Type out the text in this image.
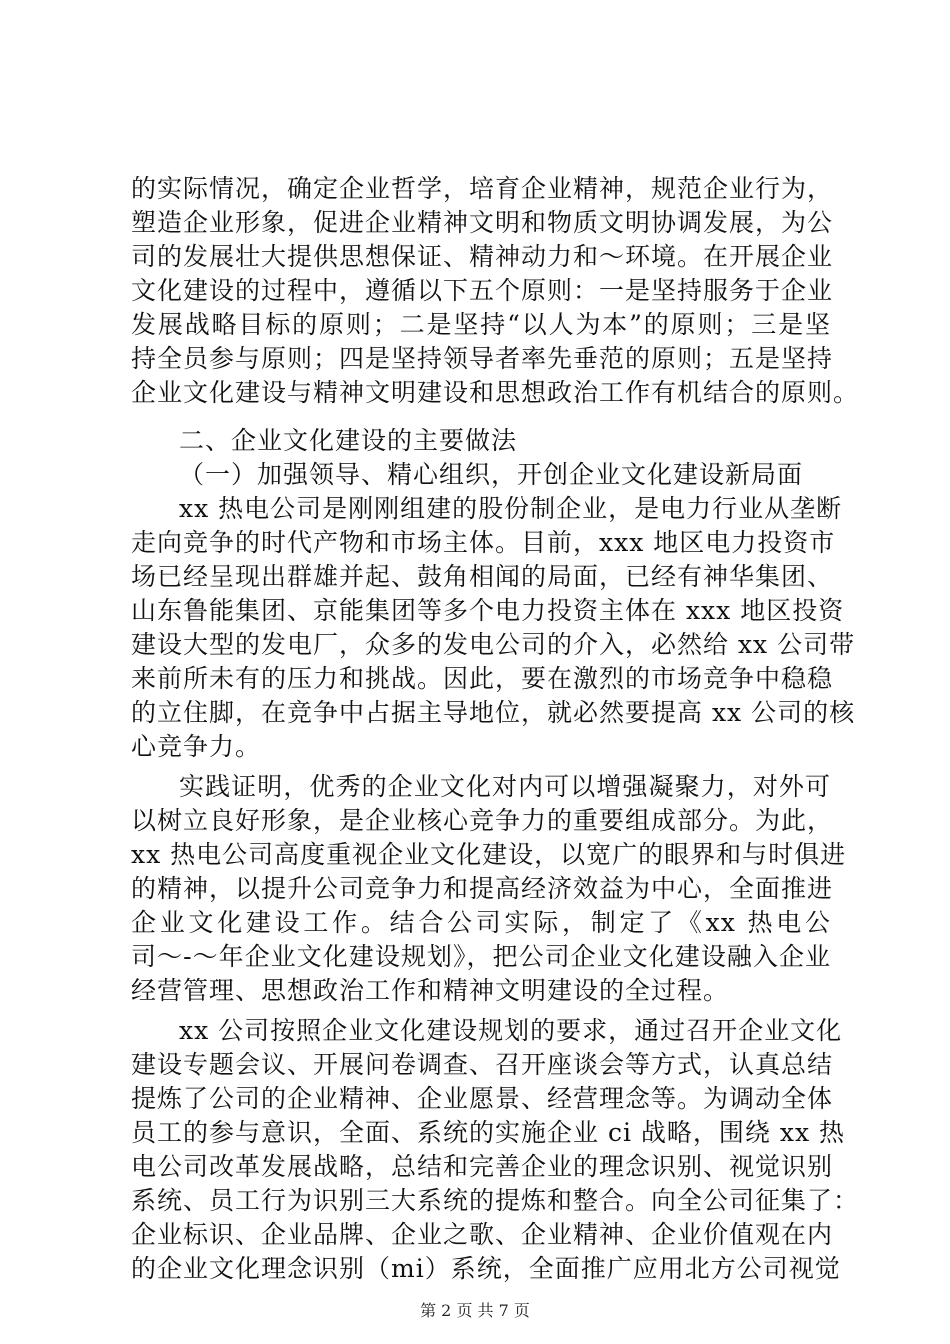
的实际情况，确定企业哲学，培育企业精神，规范企业行为，
塑造企业形象，促进企业精神文明和物质文明协调发展，为公
司的发展壮大提供思想保证、精神动力和～环境。在开展企业
文化建设的过程中，遵循以下五个原则：一是坚持服务于企业
发展战略目标的原则；二是坚持“以人为本”的原则；三是坚
持全员参与原则；四是坚持领导者率先垂范的原则；五是坚持
企业文化建设与精神文明建设和思想政治工作有机结合的原则。
二、企业文化建设的主要做法
（一）加强领导、精心组织，开创企业文化建设新局面
xx 热电公司是刚刚组建的股份制企业，是电力行业从垄断
走向竞争的时代产物和市场主体。目前，xxx 地区电力投资市
场已经呈现出群雄并起、鼓角相闻的局面，已经有神华集团、
山东鲁能集团、京能集团等多个电力投资主体在 xxx 地区投资
建设大型的发电厂，众多的发电公司的介入，必然给 xx 公司带
来前所未有的压力和挑战。因此，要在激烈的市场竞争中稳稳
的立住脚，在竞争中占据主导地位，就必然要提高 xx 公司的核
心竞争力。
实践证明，优秀的企业文化对内可以增强凝聚力，对外可
以树立良好形象，是企业核心竞争力的重要组成部分。为此，
xx 热电公司高度重视企业文化建设，以宽广的眼界和与时俱进
的精神，以提升公司竞争力和提高经济效益为中心，全面推进
企业文化建设工作。结合公司实际，制定了《xx 热电公
司～-～年企业文化建设规划》，把公司企业文化建设融入企业
经营管理、思想政治工作和精神文明建设的全过程。
xx 公司按照企业文化建设规划的要求，通过召开企业文化
建设专题会议、开展问卷调查、召开座谈会等方式，认真总结
提炼了公司的企业精神、企业愿景、经营理念等。为调动全体
员工的参与意识，全面、系统的实施企业 ci 战略，围绕 xx 热
电公司改革发展战略，总结和完善企业的理念识别、视觉识别
系统、员工行为识别三大系统的提炼和整合。向全公司征集了：
企业标识、企业品牌、企业之歌、企业精神、企业价值观在内
的企业文化理念识别（mi）系统，全面推广应用北方公司视觉
第 2 页 共 7 页
